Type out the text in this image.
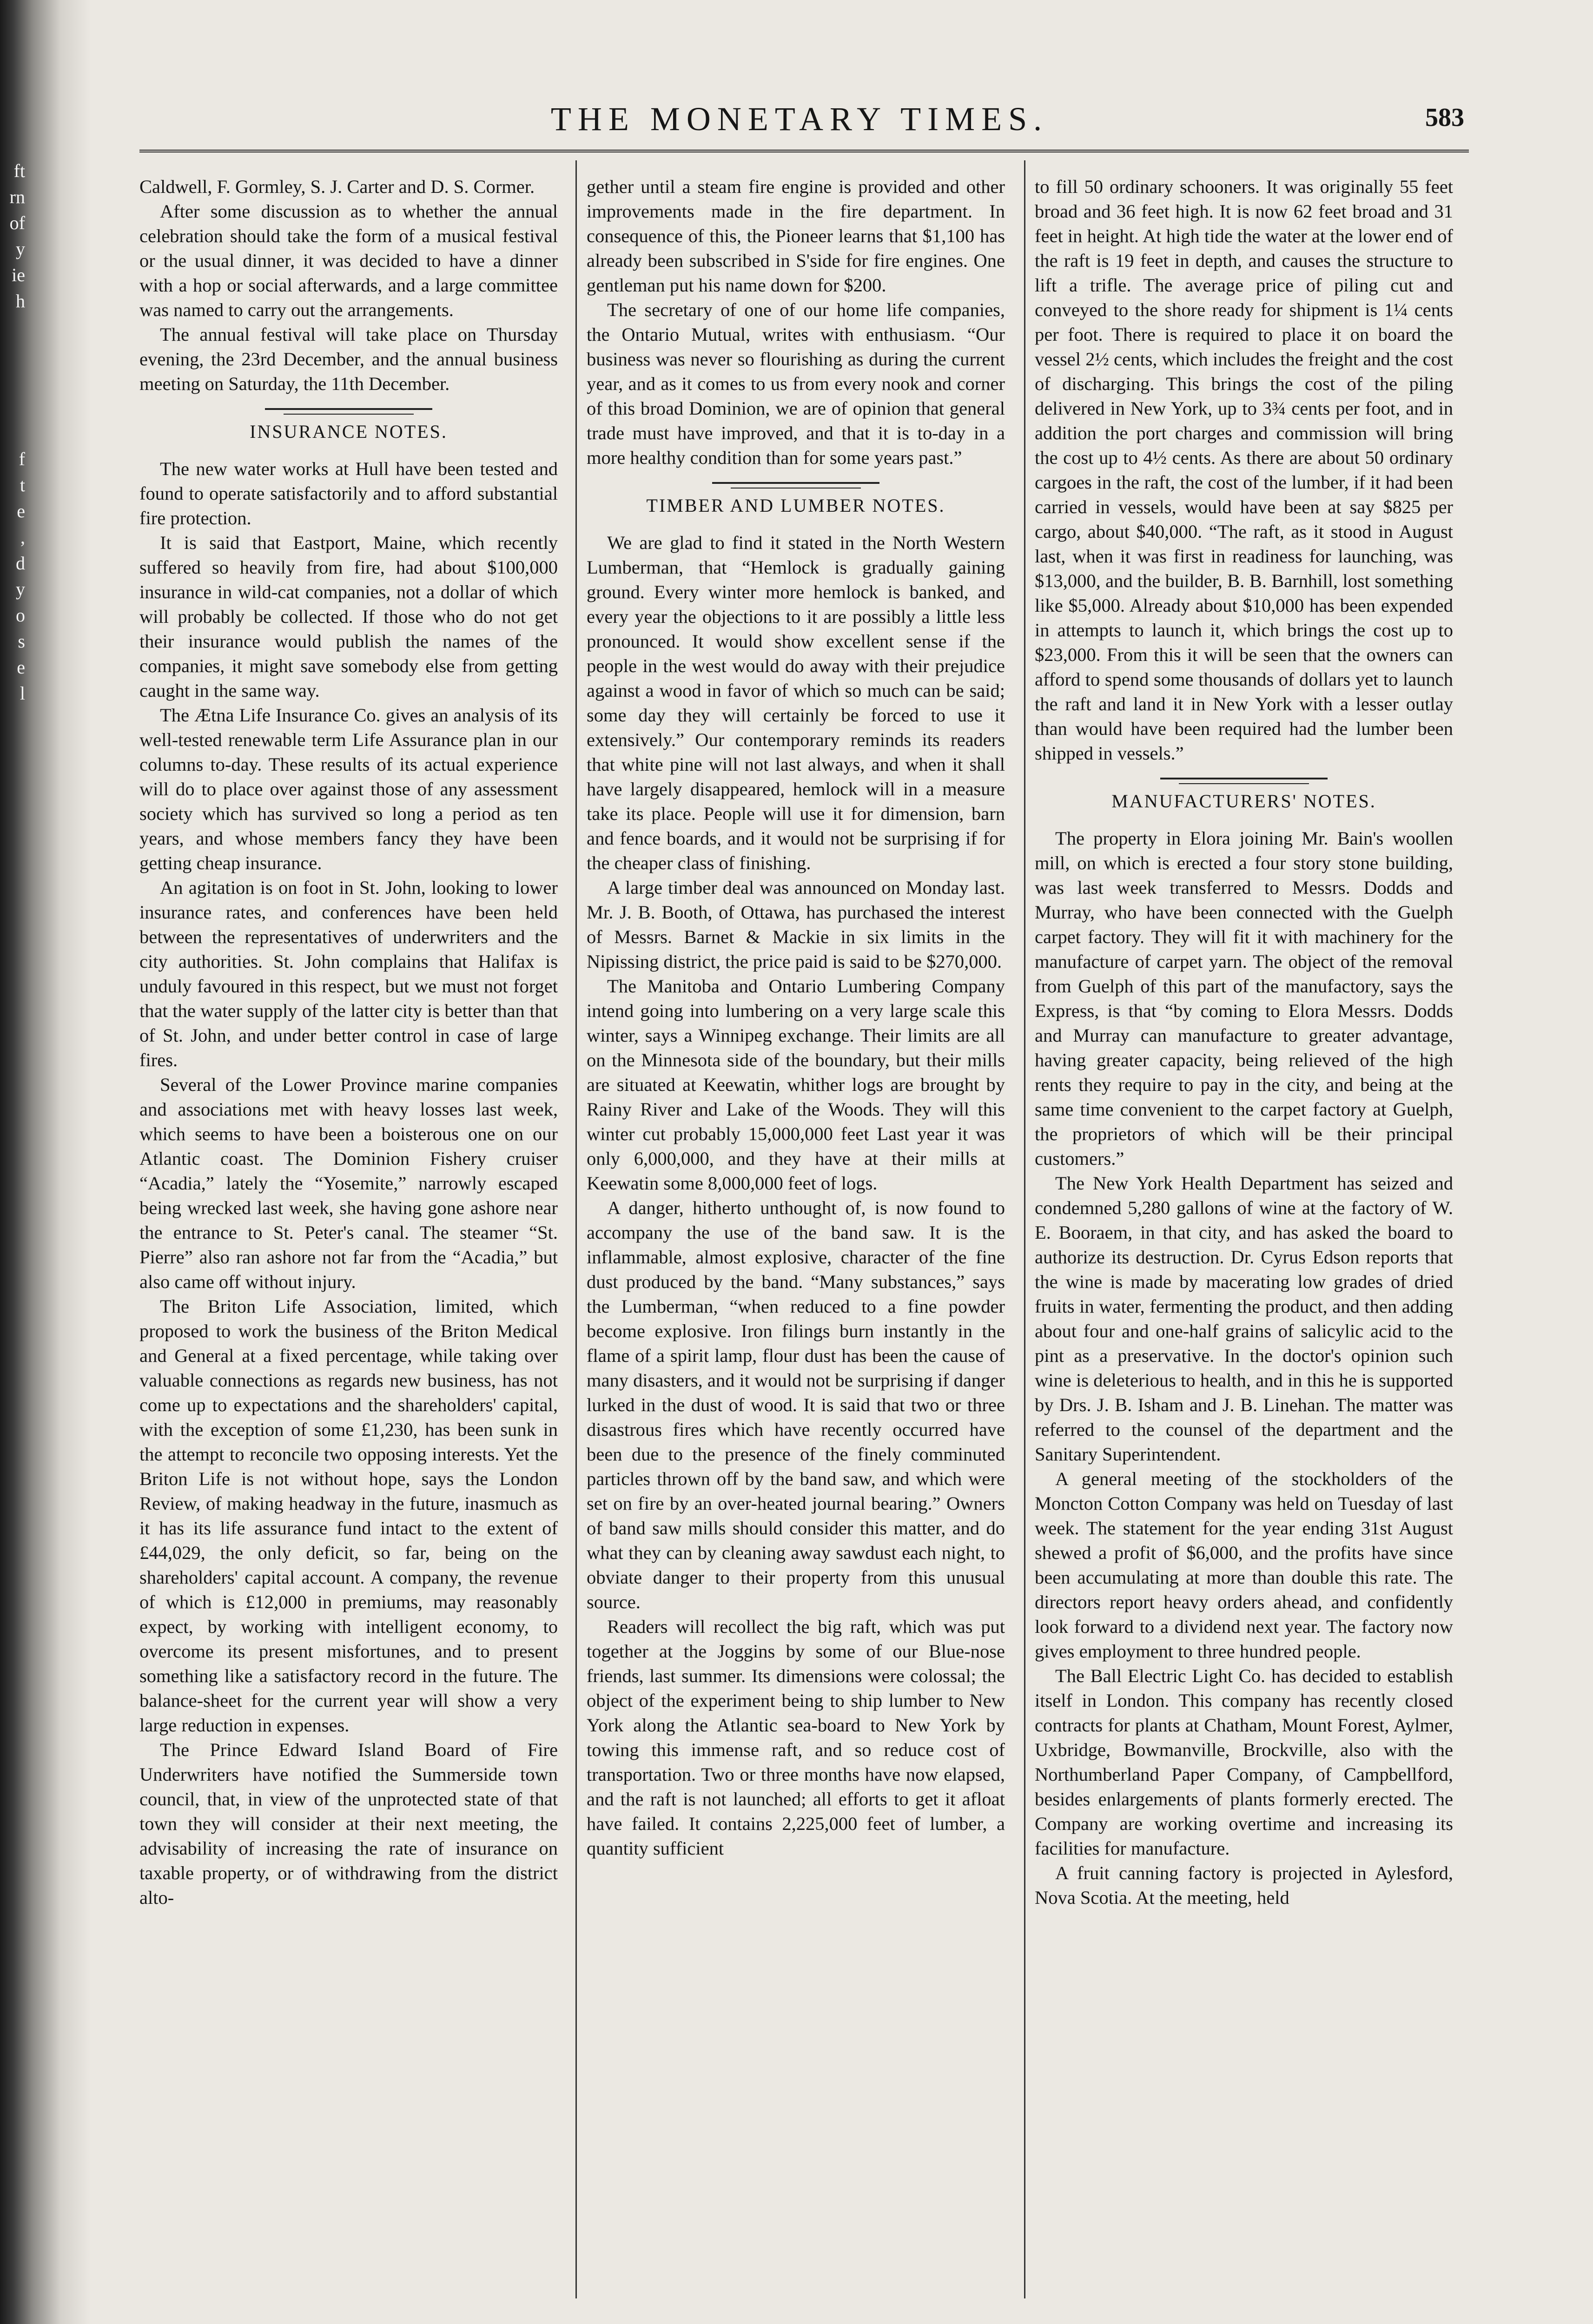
ft
rn
of
y
ie
h
f
t
e
,
d
y
o
s
e
l
THE MONETARY TIMES.	583

Caldwell, F. Gormley, S. J. Carter and D. S. Cormer.

After some discussion as to whether the annual celebration should take the form of a musical festival or the usual dinner, it was decided to have a dinner with a hop or social afterwards, and a large committee was named to carry out the arrangements.

The annual festival will take place on Thursday evening, the 23rd December, and the annual business meeting on Saturday, the 11th December.

INSURANCE NOTES.

The new water works at Hull have been tested and found to operate satisfactorily and to afford substantial fire protection.

It is said that Eastport, Maine, which recently suffered so heavily from fire, had about $100,000 insurance in wild-cat companies, not a dollar of which will probably be collected. If those who do not get their insurance would publish the names of the companies, it might save somebody else from getting caught in the same way.

The Ætna Life Insurance Co. gives an analysis of its well-tested renewable term Life Assurance plan in our columns to-day. These results of its actual experience will do to place over against those of any assessment society which has survived so long a period as ten years, and whose members fancy they have been getting cheap insurance.

An agitation is on foot in St. John, looking to lower insurance rates, and conferences have been held between the representatives of underwriters and the city authorities. St. John complains that Halifax is unduly favoured in this respect, but we must not forget that the water supply of the latter city is better than that of St. John, and under better control in case of large fires.

Several of the Lower Province marine companies and associations met with heavy losses last week, which seems to have been a boisterous one on our Atlantic coast. The Dominion Fishery cruiser “Acadia,” lately the “Yosemite,” narrowly escaped being wrecked last week, she having gone ashore near the entrance to St. Peter's canal. The steamer “St. Pierre” also ran ashore not far from the “Acadia,” but also came off without injury.

The Briton Life Association, limited, which proposed to work the business of the Briton Medical and General at a fixed percentage, while taking over valuable connections as regards new business, has not come up to expectations and the shareholders' capital, with the exception of some £1,230, has been sunk in the attempt to reconcile two opposing interests. Yet the Briton Life is not without hope, says the London Review, of making headway in the future, inasmuch as it has its life assurance fund intact to the extent of £44,029, the only deficit, so far, being on the shareholders' capital account. A company, the revenue of which is £12,000 in premiums, may reasonably expect, by working with intelligent economy, to overcome its present misfortunes, and to present something like a satisfactory record in the future. The balance-sheet for the current year will show a very large reduction in expenses.

The Prince Edward Island Board of Fire Underwriters have notified the Summerside town council, that, in view of the unprotected state of that town they will consider at their next meeting, the advisability of increasing the rate of insurance on taxable property, or of withdrawing from the district alto-

gether until a steam fire engine is provided and other improvements made in the fire department. In consequence of this, the Pioneer learns that $1,100 has already been subscribed in S'side for fire engines. One gentleman put his name down for $200.

The secretary of one of our home life companies, the Ontario Mutual, writes with enthusiasm. “Our business was never so flourishing as during the current year, and as it comes to us from every nook and corner of this broad Dominion, we are of opinion that general trade must have improved, and that it is to-day in a more healthy condition than for some years past.”

TIMBER AND LUMBER NOTES.

We are glad to find it stated in the North Western Lumberman, that “Hemlock is gradually gaining ground. Every winter more hemlock is banked, and every year the objections to it are possibly a little less pronounced. It would show excellent sense if the people in the west would do away with their prejudice against a wood in favor of which so much can be said; some day they will certainly be forced to use it extensively.” Our contemporary reminds its readers that white pine will not last always, and when it shall have largely disappeared, hemlock will in a measure take its place. People will use it for dimension, barn and fence boards, and it would not be surprising if for the cheaper class of finishing.

A large timber deal was announced on Monday last. Mr. J. B. Booth, of Ottawa, has purchased the interest of Messrs. Barnet & Mackie in six limits in the Nipissing district, the price paid is said to be $270,000.

The Manitoba and Ontario Lumbering Company intend going into lumbering on a very large scale this winter, says a Winnipeg exchange. Their limits are all on the Minnesota side of the boundary, but their mills are situated at Keewatin, whither logs are brought by Rainy River and Lake of the Woods. They will this winter cut probably 15,000,000 feet Last year it was only 6,000,000, and they have at their mills at Keewatin some 8,000,000 feet of logs.

A danger, hitherto unthought of, is now found to accompany the use of the band saw. It is the inflammable, almost explosive, character of the fine dust produced by the band. “Many substances,” says the Lumberman, “when reduced to a fine powder become explosive. Iron filings burn instantly in the flame of a spirit lamp, flour dust has been the cause of many disasters, and it would not be surprising if danger lurked in the dust of wood. It is said that two or three disastrous fires which have recently occurred have been due to the presence of the finely comminuted particles thrown off by the band saw, and which were set on fire by an over-heated journal bearing.” Owners of band saw mills should consider this matter, and do what they can by cleaning away sawdust each night, to obviate danger to their property from this unusual source.

Readers will recollect the big raft, which was put together at the Joggins by some of our Blue-nose friends, last summer. Its dimensions were colossal; the object of the experiment being to ship lumber to New York along the Atlantic sea-board to New York by towing this immense raft, and so reduce cost of transportation. Two or three months have now elapsed, and the raft is not launched; all efforts to get it afloat have failed. It contains 2,225,000 feet of lumber, a quantity sufficient

to fill 50 ordinary schooners. It was originally 55 feet broad and 36 feet high. It is now 62 feet broad and 31 feet in height. At high tide the water at the lower end of the raft is 19 feet in depth, and causes the structure to lift a trifle. The average price of piling cut and conveyed to the shore ready for shipment is 1¼ cents per foot. There is required to place it on board the vessel 2½ cents, which includes the freight and the cost of discharging. This brings the cost of the piling delivered in New York, up to 3¾ cents per foot, and in addition the port charges and commission will bring the cost up to 4½ cents. As there are about 50 ordinary cargoes in the raft, the cost of the lumber, if it had been carried in vessels, would have been at say $825 per cargo, about $40,000. “The raft, as it stood in August last, when it was first in readiness for launching, was $13,000, and the builder, B. B. Barnhill, lost something like $5,000. Already about $10,000 has been expended in attempts to launch it, which brings the cost up to $23,000. From this it will be seen that the owners can afford to spend some thousands of dollars yet to launch the raft and land it in New York with a lesser outlay than would have been required had the lumber been shipped in vessels.”

MANUFACTURERS' NOTES.

The property in Elora joining Mr. Bain's woollen mill, on which is erected a four story stone building, was last week transferred to Messrs. Dodds and Murray, who have been connected with the Guelph carpet factory. They will fit it with machinery for the manufacture of carpet yarn. The object of the removal from Guelph of this part of the manufactory, says the Express, is that “by coming to Elora Messrs. Dodds and Murray can manufacture to greater advantage, having greater capacity, being relieved of the high rents they require to pay in the city, and being at the same time convenient to the carpet factory at Guelph, the proprietors of which will be their principal customers.”

The New York Health Department has seized and condemned 5,280 gallons of wine at the factory of W. E. Booraem, in that city, and has asked the board to authorize its destruction. Dr. Cyrus Edson reports that the wine is made by macerating low grades of dried fruits in water, fermenting the product, and then adding about four and one-half grains of salicylic acid to the pint as a preservative. In the doctor's opinion such wine is deleterious to health, and in this he is supported by Drs. J. B. Isham and J. B. Linehan. The matter was referred to the counsel of the department and the Sanitary Superintendent.

A general meeting of the stockholders of the Moncton Cotton Company was held on Tuesday of last week. The statement for the year ending 31st August shewed a profit of $6,000, and the profits have since been accumulating at more than double this rate. The directors report heavy orders ahead, and confidently look forward to a dividend next year. The factory now gives employment to three hundred people.

The Ball Electric Light Co. has decided to establish itself in London. This company has recently closed contracts for plants at Chatham, Mount Forest, Aylmer, Uxbridge, Bowmanville, Brockville, also with the Northumberland Paper Company, of Campbellford, besides enlargements of plants formerly erected. The Company are working overtime and increasing its facilities for manufacture.

A fruit canning factory is projected in Aylesford, Nova Scotia. At the meeting, held
